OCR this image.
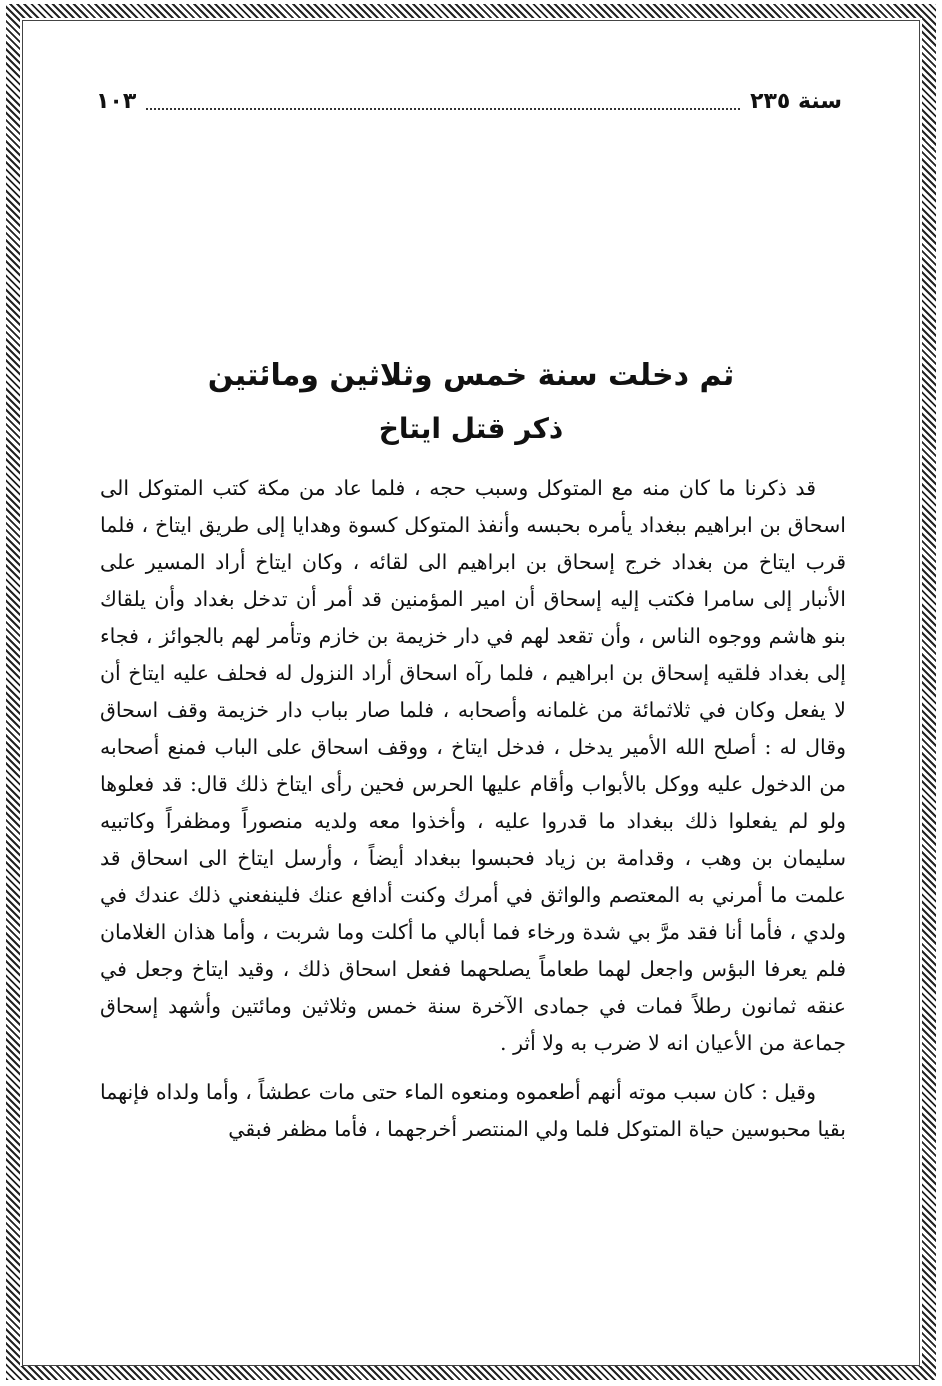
سنة ٢٣٥
١٠٣
ثم دخلت سنة خمس وثلاثين ومائتين
ذكر قتل ايتاخ

قد ذكرنا ما كان منه مع المتوكل وسبب حجه ، فلما عاد من مكة كتب المتوكل الى اسحاق بن ابراهيم ببغداد يأمره بحبسه وأنفذ المتوكل كسوة وهدايا إلى طريق ايتاخ ، فلما قرب ايتاخ من بغداد خرج إسحاق بن ابراهيم الى لقائه ، وكان ايتاخ أراد المسير على الأنبار إلى سامرا فكتب إليه إسحاق أن امير المؤمنين قد أمر أن تدخل بغداد وأن يلقاك بنو هاشم ووجوه الناس ، وأن تقعد لهم في دار خزيمة بن خازم وتأمر لهم بالجوائز ، فجاء إلى بغداد فلقيه إسحاق بن ابراهيم ، فلما رآه اسحاق أراد النزول له فحلف عليه ايتاخ أن لا يفعل وكان في ثلاثمائة من غلمانه وأصحابه ، فلما صار بباب دار خزيمة وقف اسحاق وقال له : أصلح الله الأمير يدخل ، فدخل ايتاخ ، ووقف اسحاق على الباب فمنع أصحابه من الدخول عليه ووكل بالأبواب وأقام عليها الحرس فحين رأى ايتاخ ذلك قال: قد فعلوها ولو لم يفعلوا ذلك ببغداد ما قدروا عليه ، وأخذوا معه ولديه منصوراً ومظفراً وكاتبيه سليمان بن وهب ، وقدامة بن زياد فحبسوا ببغداد أيضاً ، وأرسل ايتاخ الى اسحاق قد علمت ما أمرني به المعتصم والواثق في أمرك وكنت أدافع عنك فلينفعني ذلك عندك في ولدي ، فأما أنا فقد مرَّ بي شدة ورخاء فما أبالي ما أكلت وما شربت ، وأما هذان الغلامان فلم يعرفا البؤس واجعل لهما طعاماً يصلحهما ففعل اسحاق ذلك ، وقيد ايتاخ وجعل في عنقه ثمانون رطلاً فمات في جمادى الآخرة سنة خمس وثلاثين ومائتين وأشهد إسحاق جماعة من الأعيان انه لا ضرب به ولا أثر .

وقيل : كان سبب موته أنهم أطعموه ومنعوه الماء حتى مات عطشاً ، وأما ولداه فإنهما بقيا محبوسين حياة المتوكل فلما ولي المنتصر أخرجهما ، فأما مظفر فبقي
